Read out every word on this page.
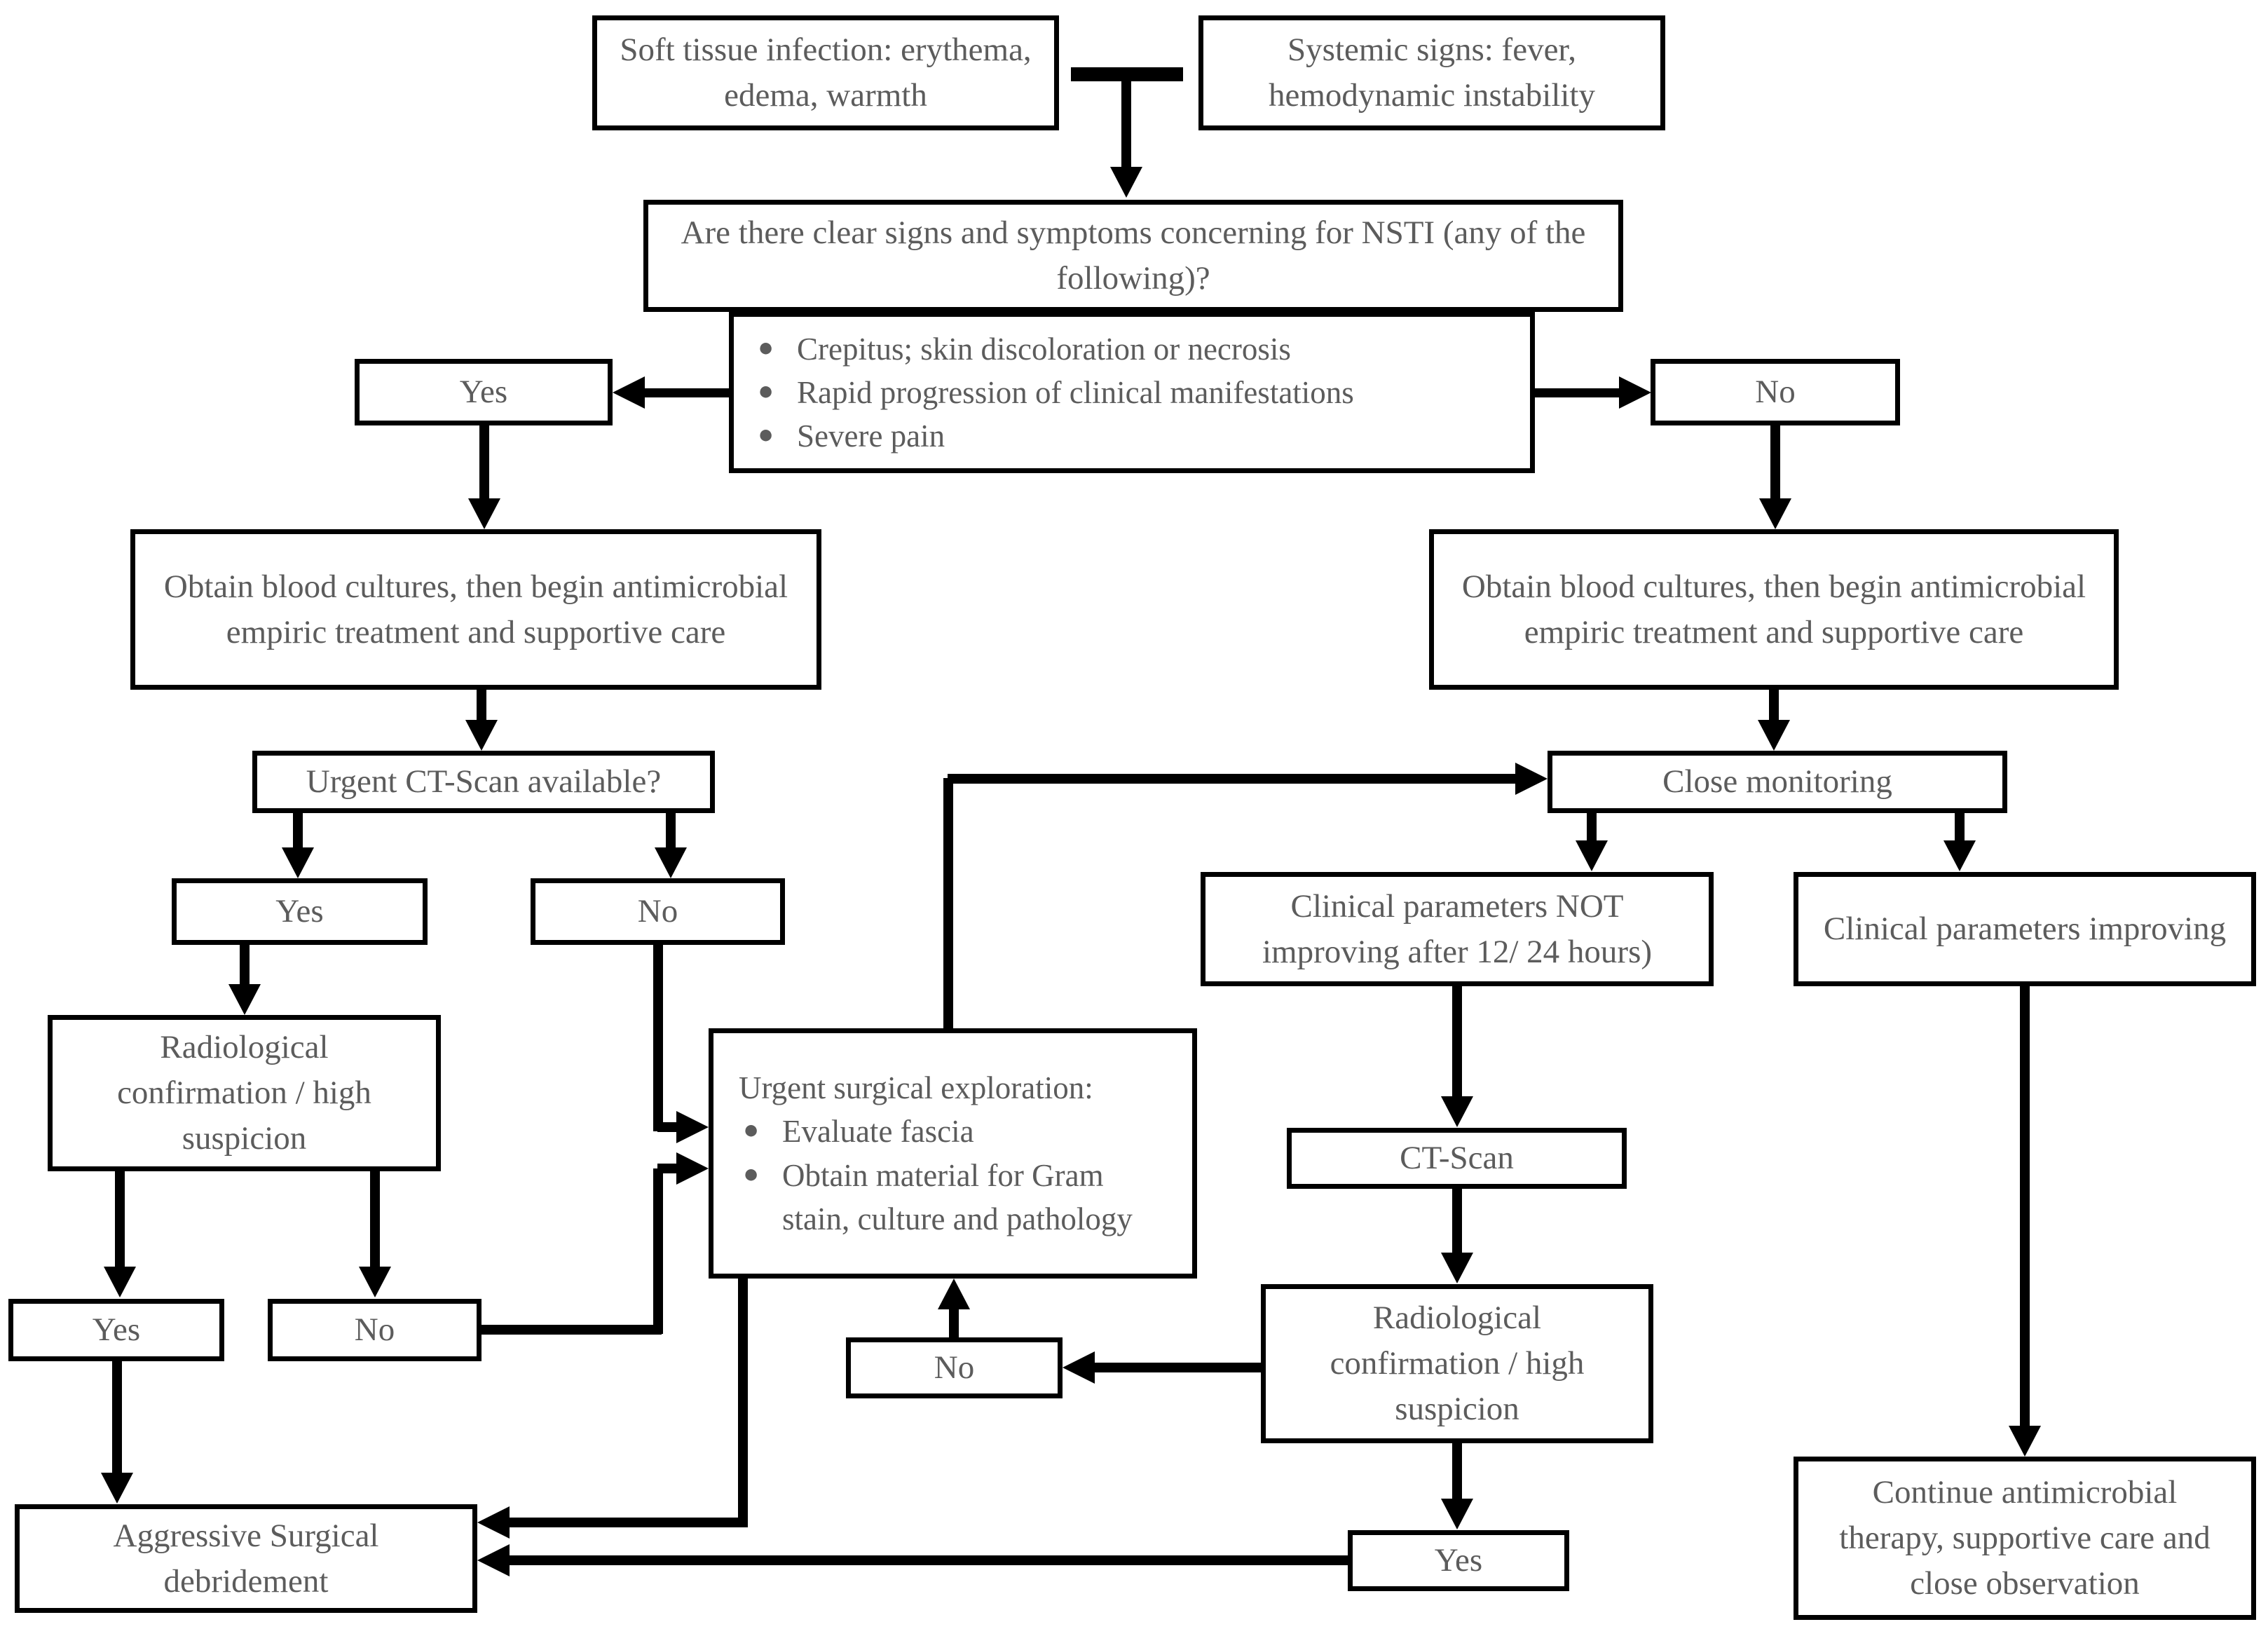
Soft tissue infection: erythema, edema, warmth
Systemic signs: fever, hemodynamic instability
Are there clear signs and symptoms concerning for NSTI (any of the following)?
● Crepitus; skin discoloration or necrosis
● Rapid progression of clinical manifestations
● Severe pain
Yes	No
Obtain blood cultures, then begin antimicrobial empiric treatment and supportive care
Obtain blood cultures, then begin antimicrobial empiric treatment and supportive care
Urgent CT-Scan available?	Close monitoring
Yes	No
Radiological confirmation / high suspicion
Urgent surgical exploration:
● Evaluate fascia
● Obtain material for Gram stain, culture and pathology
Yes	No
Aggressive Surgical debridement
Clinical parameters NOT improving after 12/ 24 hours)
Clinical parameters improving
CT-Scan
Radiological confirmation / high suspicion
No
Yes
Continue antimicrobial therapy, supportive care and close observation
